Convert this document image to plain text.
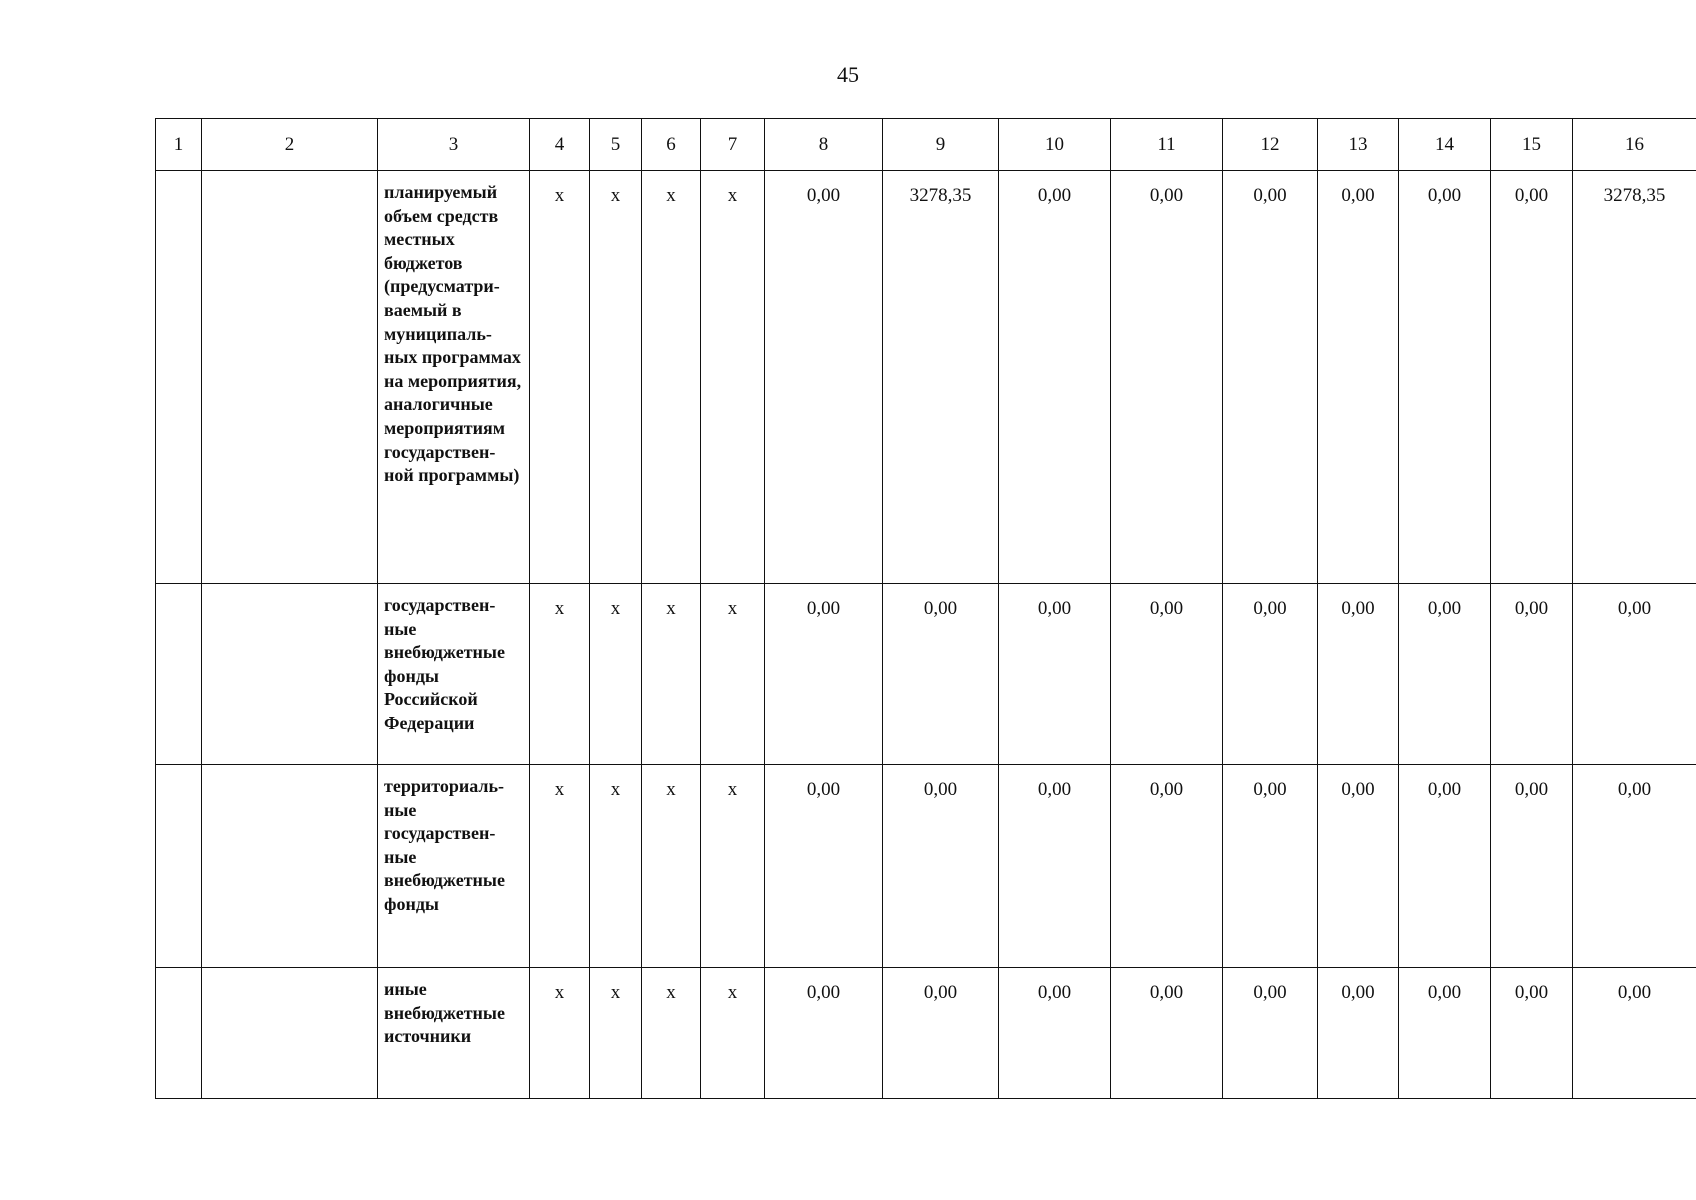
45
1	2	3	4	5	6	7	8	9	10	11	12	13	14	15	16
		планируемый объем средств местных бюджетов (предусматри-ваемый в муниципаль-ных программах на мероприятия, аналогичные мероприятиям государствен-ной программы)	х	х	х	х	0,00	3278,35	0,00	0,00	0,00	0,00	0,00	0,00	3278,35
		государствен-ные внебюджетные фонды Российской Федерации	х	х	х	х	0,00	0,00	0,00	0,00	0,00	0,00	0,00	0,00	0,00
		территориаль-ные государствен-ные внебюджетные фонды	х	х	х	х	0,00	0,00	0,00	0,00	0,00	0,00	0,00	0,00	0,00
		иные внебюджетные источники	х	х	х	х	0,00	0,00	0,00	0,00	0,00	0,00	0,00	0,00	0,00
